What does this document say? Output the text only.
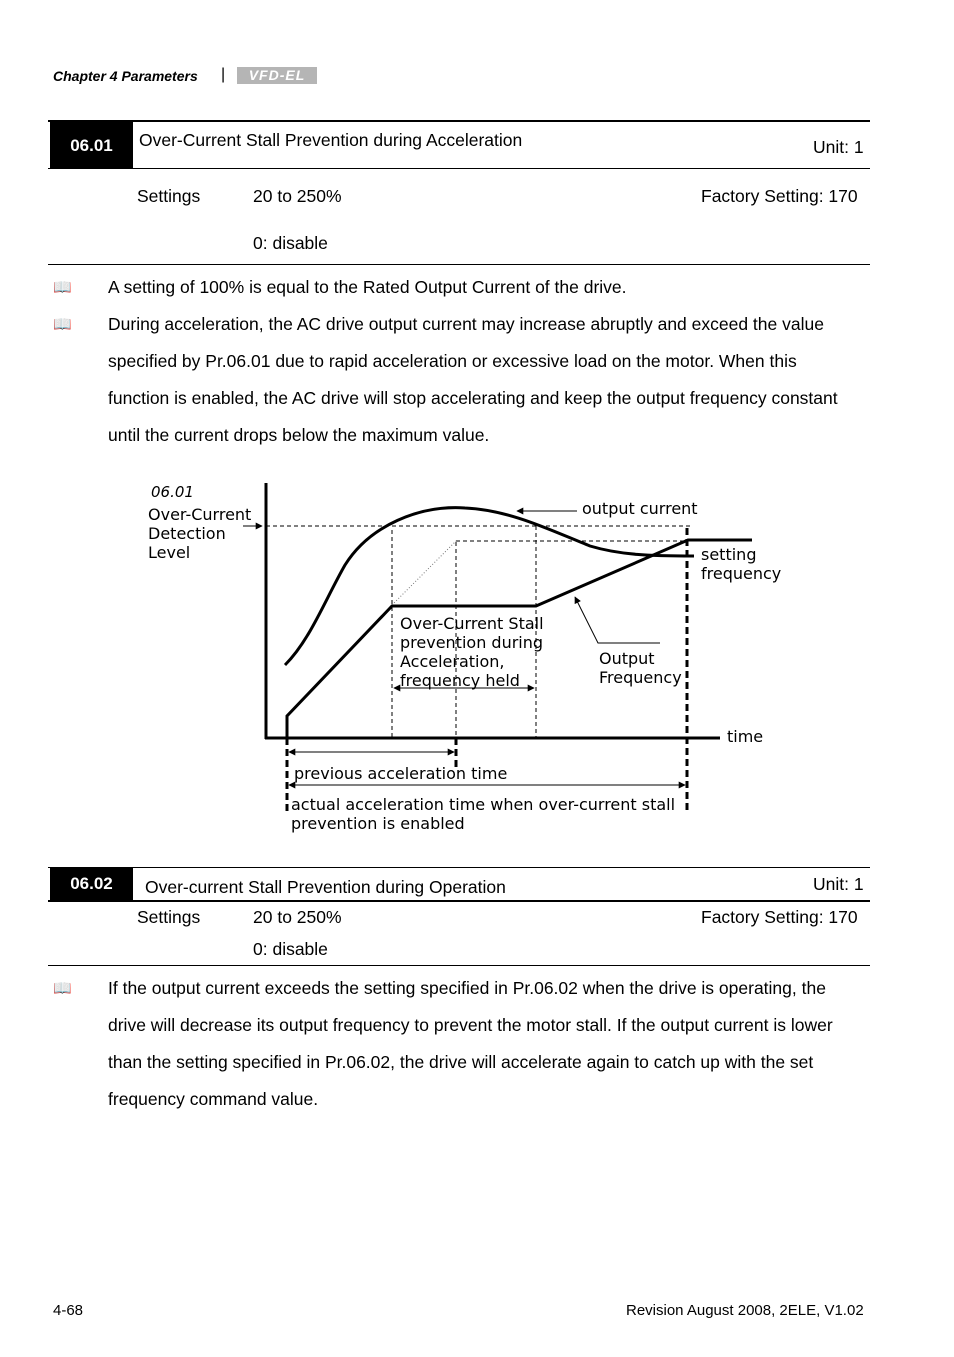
Chapter 4 Parameters |	VFD-EL
06.01	Over-Current Stall Prevention during Acceleration	Unit: 1
Settings	20 to 250%	Factory Setting: 170
0: disable
📖 A setting of 100% is equal to the Rated Output Current of the drive.
📖 During acceleration, the AC drive output current may increase abruptly and exceed the value
specified by Pr.06.01 due to rapid acceleration or excessive load on the motor. When this
function is enabled, the AC drive will stop accelerating and keep the output frequency constant
until the current drops below the maximum value.
06.01
Over-Current
Detection
Level
output current
setting
frequency
Over-Current Stall
prevention during
Acceleration,
frequency held
Output
Frequency
time
previous acceleration time
actual acceleration time when over-current stall
prevention is enabled
06.02	Over-current Stall Prevention during Operation	Unit: 1
Settings	20 to 250%	Factory Setting: 170
0: disable
📖 If the output current exceeds the setting specified in Pr.06.02 when the drive is operating, the
drive will decrease its output frequency to prevent the motor stall. If the output current is lower
than the setting specified in Pr.06.02, the drive will accelerate again to catch up with the set
frequency command value.
4-68	Revision August 2008, 2ELE, V1.02
